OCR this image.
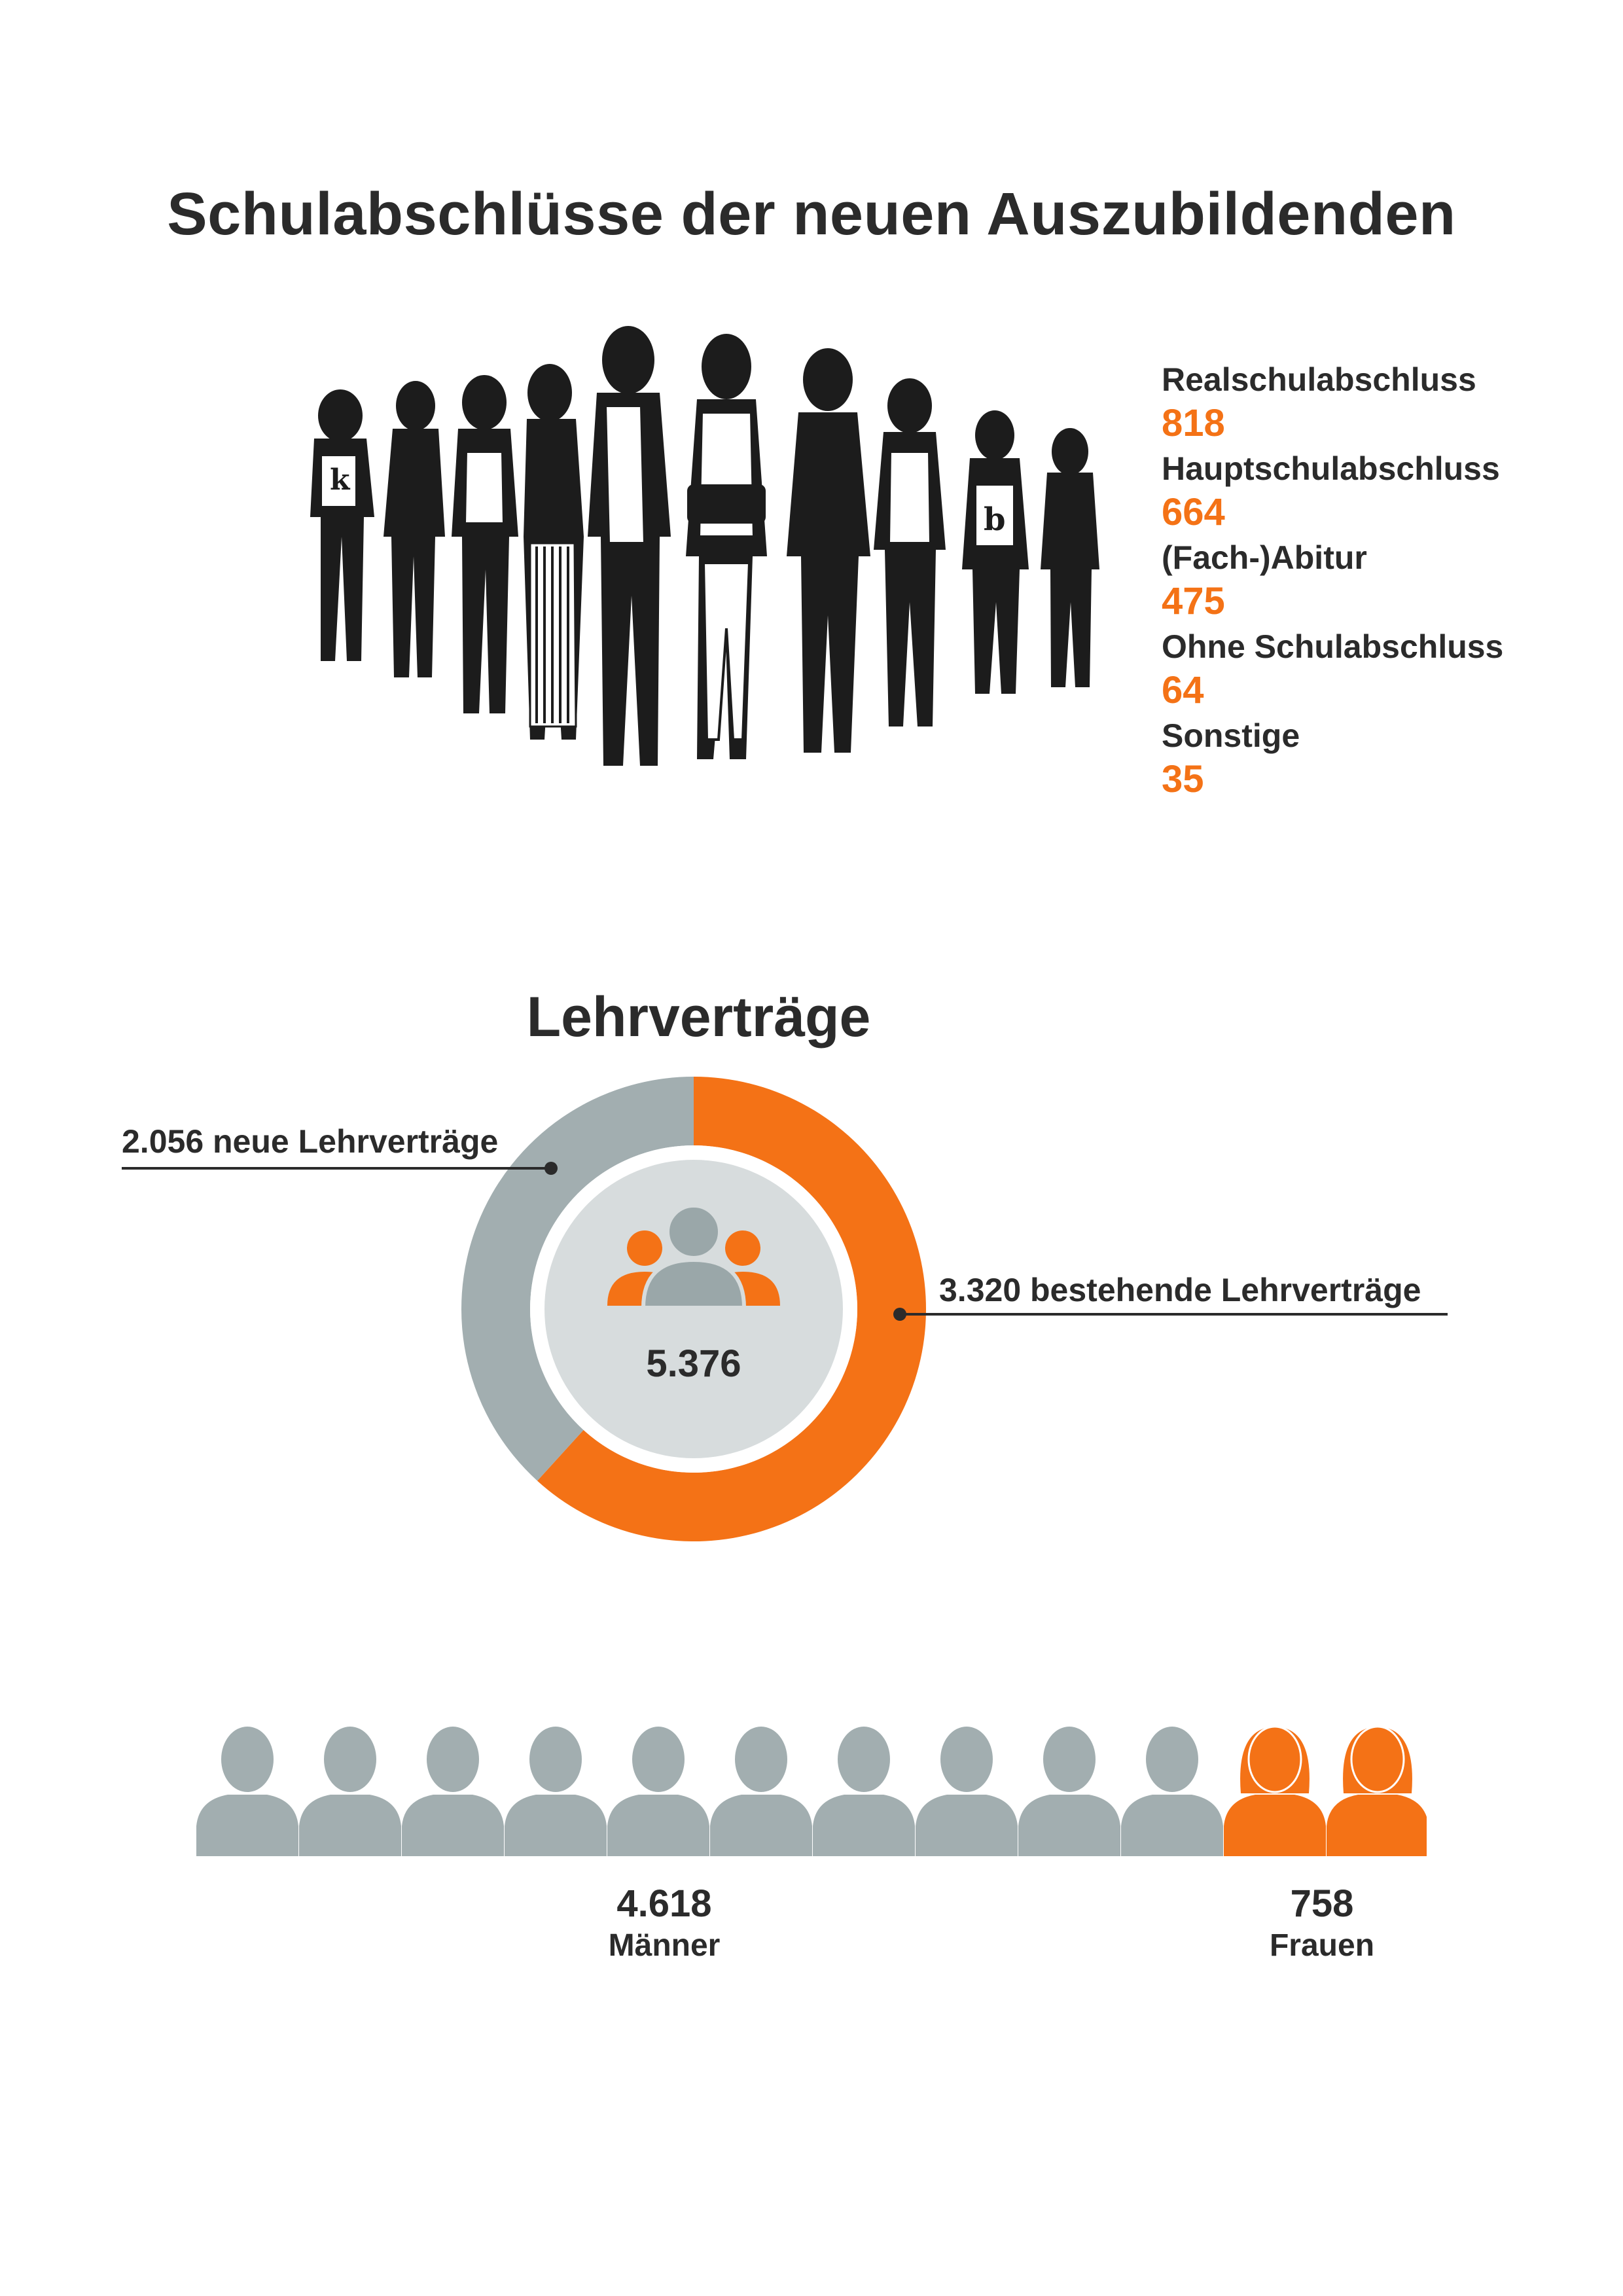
Schulabschlüsse der neuen Auszubildenden
k
b
Realschulabschluss
818
Hauptschulabschluss
664
(Fach-)Abitur
475
Ohne Schulabschluss
64
Sonstige
35
Lehrverträge
2.056 neue Lehrverträge
3.320 bestehende Lehrverträge
5.376
4.618
Männer
758
Frauen
